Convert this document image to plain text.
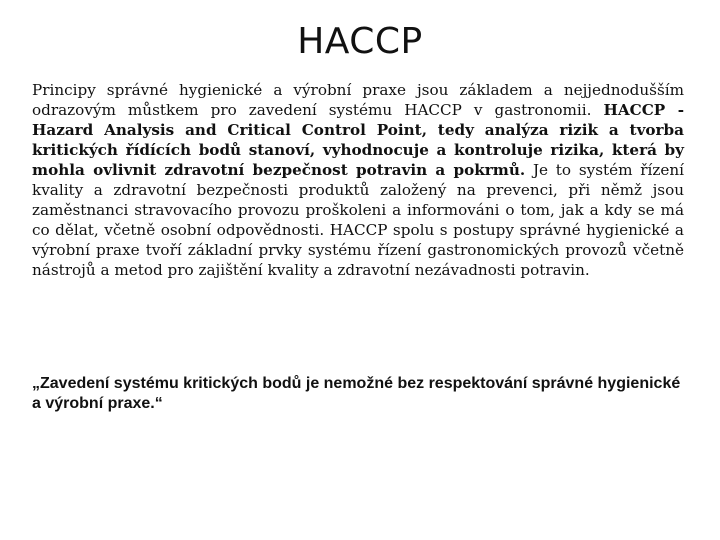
HACCP

Principy správné hygienické a výrobní praxe jsou základem a nejjednodušším odrazovým můstkem pro zavedení systému HACCP v gastronomii. HACCP - Hazard Analysis and Critical Control Point, tedy analýza rizik a tvorba kritických řídících bodů stanoví, vyhodnocuje a kontroluje rizika, která by mohla ovlivnit zdravotní bezpečnost potravin a pokrmů. Je to systém řízení kvality a zdravotní bezpečnosti produktů založený na prevenci, při němž jsou zaměstnanci stravovacího provozu proškoleni a informováni o tom, jak a kdy se má co dělat, včetně osobní odpovědnosti. HACCP spolu s postupy správné hygienické a výrobní praxe tvoří základní prvky systému řízení gastronomických provozů včetně nástrojů a metod pro zajištění kvality a zdravotní nezávadnosti potravin.

„Zavedení systému kritických bodů je nemožné bez respektování správné hygienické a výrobní praxe.“
